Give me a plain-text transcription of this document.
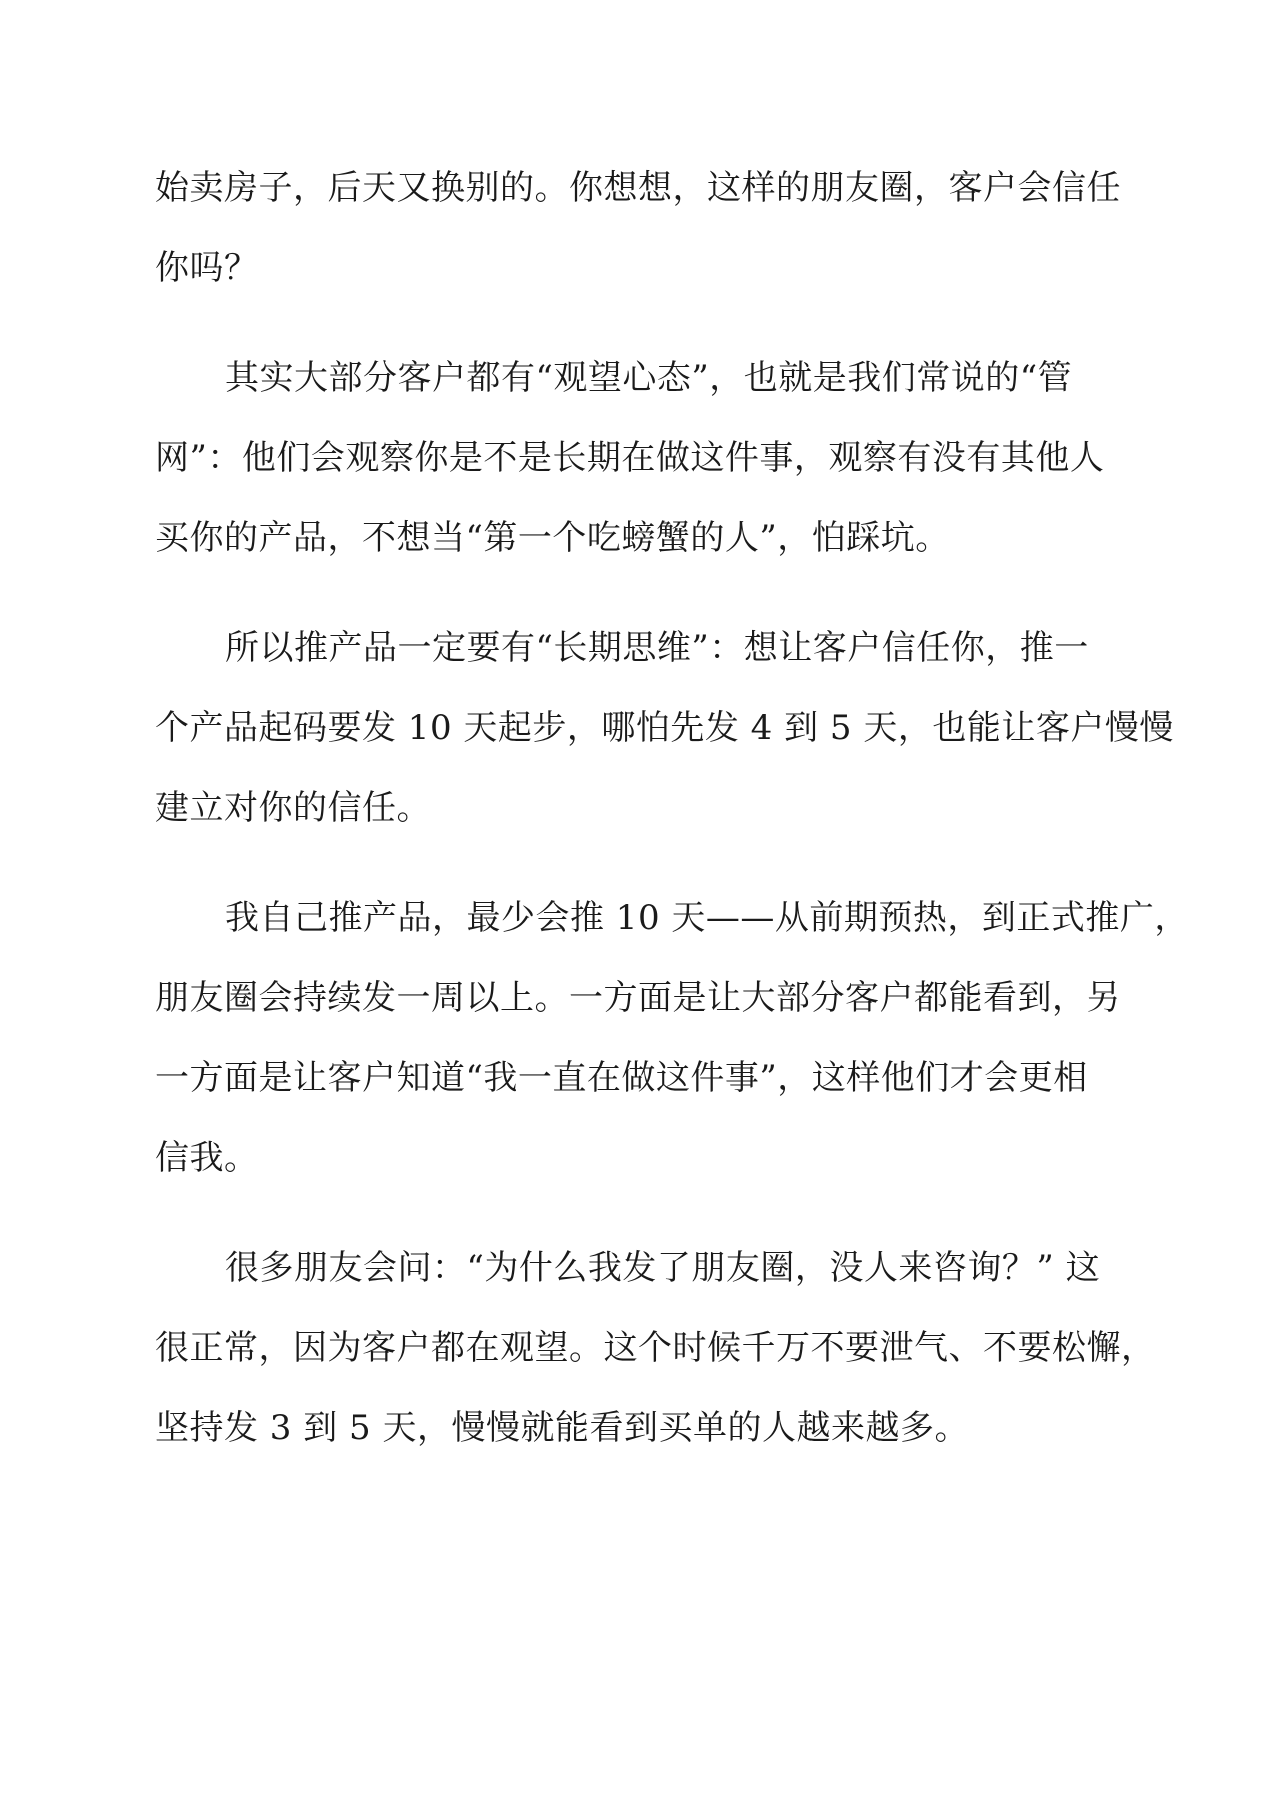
始卖房子，后天又换别的。你想想，这样的朋友圈，客户会信任
你吗？
其实大部分客户都有“观望心态”，也就是我们常说的“管
网”：他们会观察你是不是长期在做这件事，观察有没有其他人
买你的产品，不想当“第一个吃螃蟹的人”，怕踩坑。
所以推产品一定要有“长期思维”：想让客户信任你，推一
个产品起码要发 10 天起步，哪怕先发 4 到 5 天，也能让客户慢慢
建立对你的信任。
我自己推产品，最少会推 10 天——从前期预热，到正式推广，
朋友圈会持续发一周以上。一方面是让大部分客户都能看到，另
一方面是让客户知道“我一直在做这件事”，这样他们才会更相
信我。
很多朋友会问：“为什么我发了朋友圈，没人来咨询？” 这
很正常，因为客户都在观望。这个时候千万不要泄气、不要松懈，
坚持发 3 到 5 天，慢慢就能看到买单的人越来越多。
